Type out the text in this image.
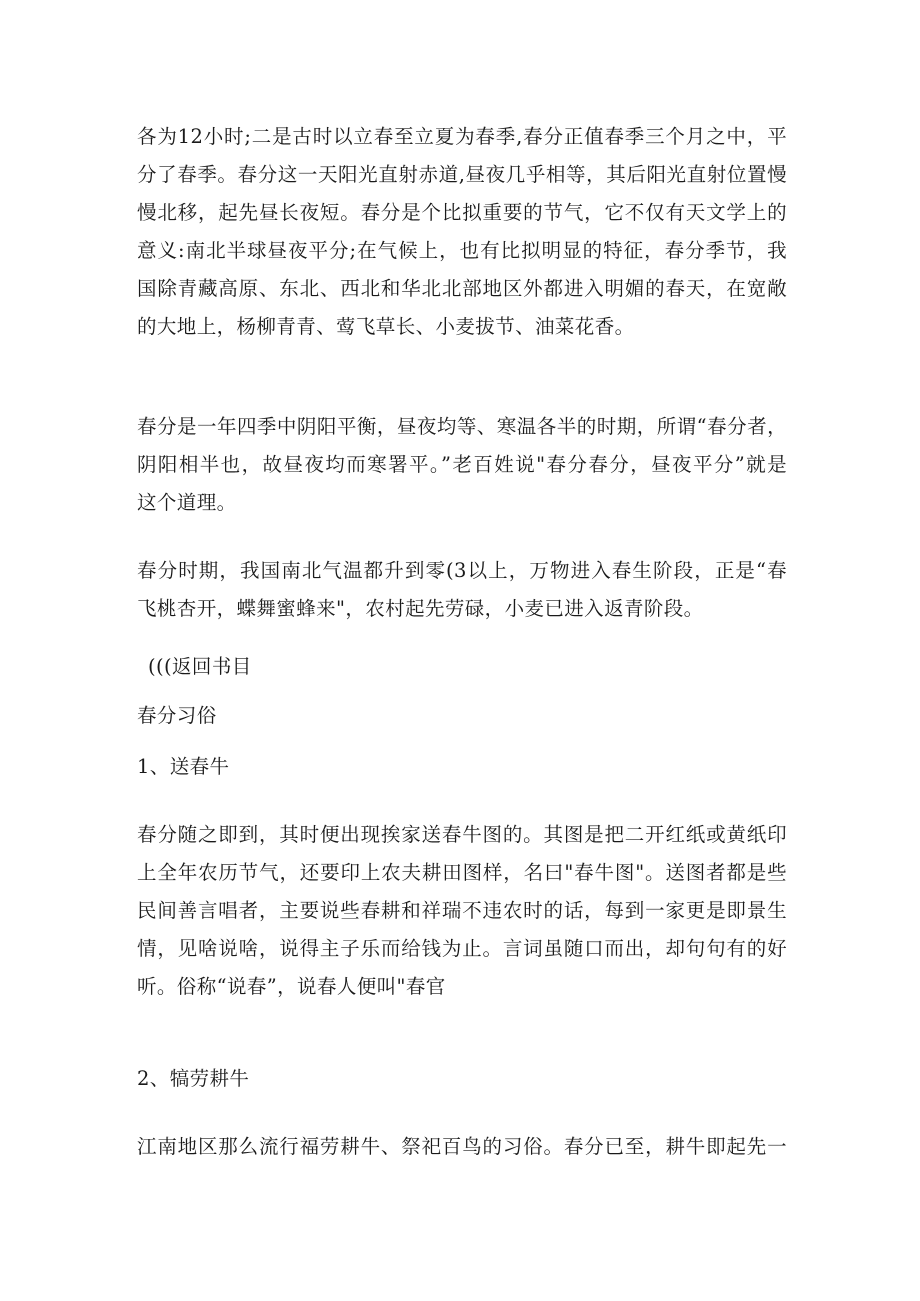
各为12小时;二是古时以立春至立夏为春季,春分正值春季三个月之中，平
分了春季。春分这一天阳光直射赤道,昼夜几乎相等，其后阳光直射位置慢
慢北移，起先昼长夜短。春分是个比拟重要的节气，它不仅有天文学上的
意义:南北半球昼夜平分;在气候上，也有比拟明显的特征，春分季节，我
国除青藏高原、东北、西北和华北北部地区外都进入明媚的春天，在宽敞
的大地上，杨柳青青、莺飞草长、小麦拔节、油菜花香。
春分是一年四季中阴阳平衡，昼夜均等、寒温各半的时期，所谓“春分者，
阴阳相半也，故昼夜均而寒署平。”老百姓说"春分春分，昼夜平分”就是
这个道理。
春分时期，我国南北气温都升到零(3以上，万物进入春生阶段，正是“春
飞桃杏开，蝶舞蜜蜂来"，农村起先劳碌，小麦已进入返青阶段。
(((返回书目
春分习俗
1、送春牛
春分随之即到，其时便出现挨家送春牛图的。其图是把二开红纸或黄纸印
上全年农历节气，还要印上农夫耕田图样，名曰"春牛图"。送图者都是些
民间善言唱者，主要说些春耕和祥瑞不违农时的话，每到一家更是即景生
情，见啥说啥，说得主子乐而给钱为止。言词虽随口而出，却句句有的好
听。俗称“说春”，说春人便叫"春官
2、犒劳耕牛
江南地区那么流行福劳耕牛、祭祀百鸟的习俗。春分已至，耕牛即起先一
